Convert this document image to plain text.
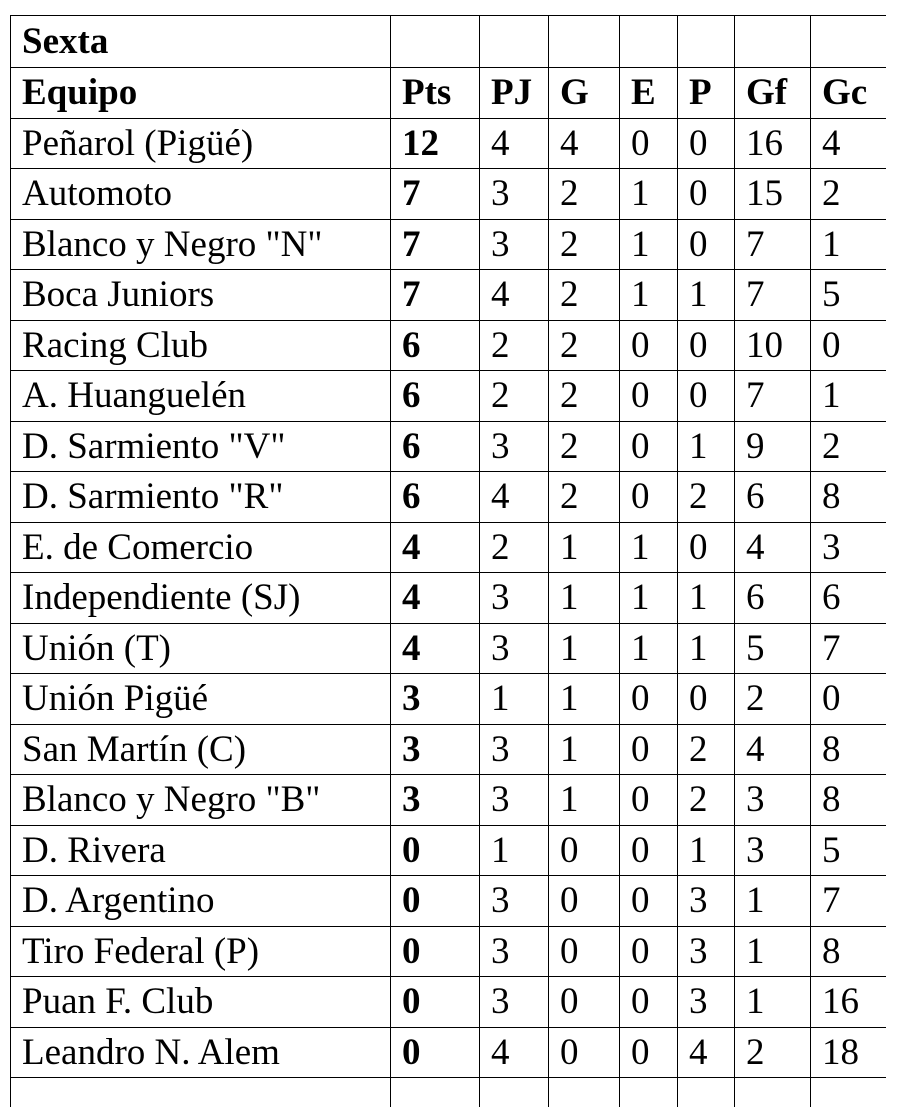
Sexta							
Equipo	Pts	PJ	G	E	P	Gf	Gc
Peñarol (Pigüé)	12	4	4	0	0	16	4
Automoto	7	3	2	1	0	15	2
Blanco y Negro "N"	7	3	2	1	0	7	1
Boca Juniors	7	4	2	1	1	7	5
Racing Club	6	2	2	0	0	10	0
A. Huanguelén	6	2	2	0	0	7	1
D. Sarmiento "V"	6	3	2	0	1	9	2
D. Sarmiento "R"	6	4	2	0	2	6	8
E. de Comercio	4	2	1	1	0	4	3
Independiente (SJ)	4	3	1	1	1	6	6
Unión (T)	4	3	1	1	1	5	7
Unión Pigüé	3	1	1	0	0	2	0
San Martín (C)	3	3	1	0	2	4	8
Blanco y Negro "B"	3	3	1	0	2	3	8
D. Rivera	0	1	0	0	1	3	5
D. Argentino	0	3	0	0	3	1	7
Tiro Federal (P)	0	3	0	0	3	1	8
Puan F. Club	0	3	0	0	3	1	16
Leandro N. Alem	0	4	0	0	4	2	18
